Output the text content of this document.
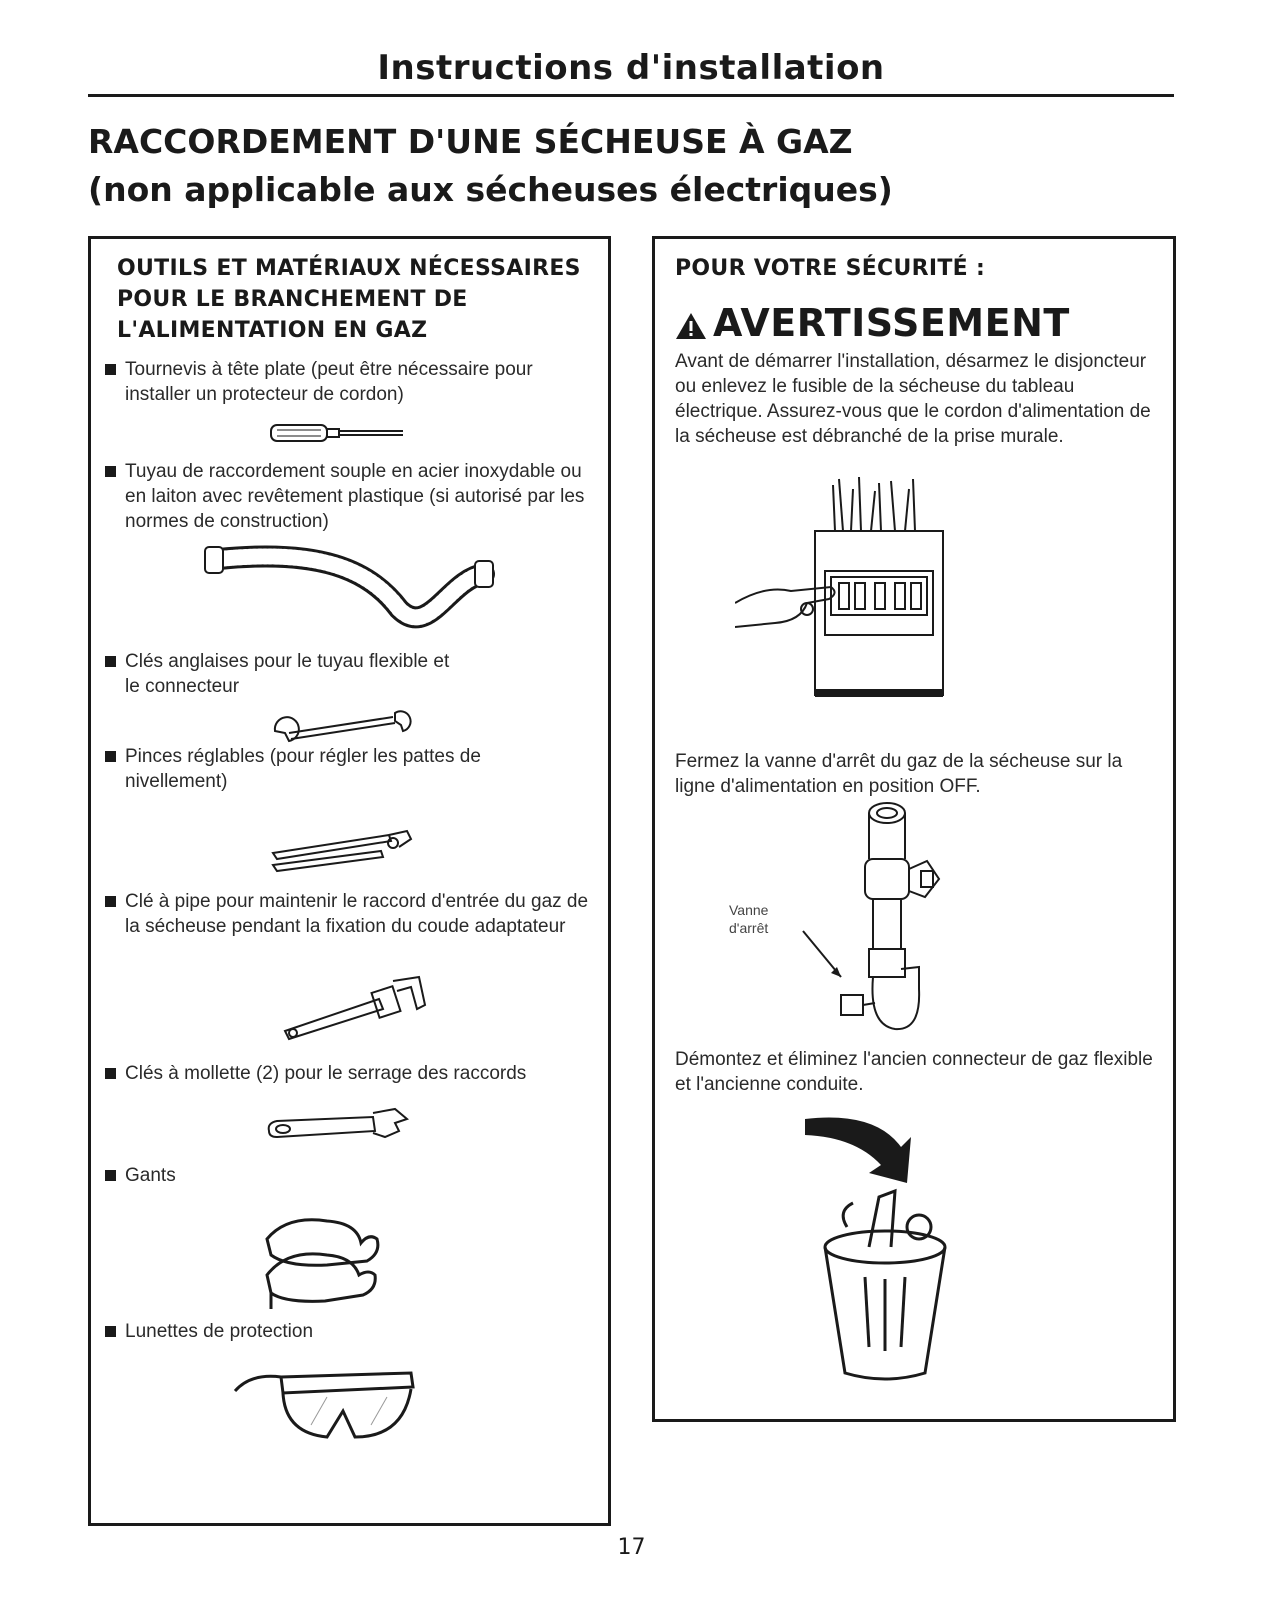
Instructions d'installation
RACCORDEMENT D'UNE SÉCHEUSE À GAZ
(non applicable aux sécheuses électriques)
OUTILS ET MATÉRIAUX NÉCESSAIRES
POUR LE BRANCHEMENT DE
L'ALIMENTATION EN GAZ
Tournevis à tête plate (peut être nécessaire pour installer un protecteur de cordon)
Tuyau de raccordement souple en acier inoxydable ou en laiton avec revêtement plastique (si autorisé par les normes de construction)
Clés anglaises pour le tuyau flexible et le connecteur
Pinces réglables (pour régler les pattes de nivellement)
Clé à pipe pour maintenir le raccord d'entrée du gaz de la sécheuse pendant la fixation du coude adaptateur
Clés à mollette (2) pour le serrage des raccords
Gants
Lunettes de protection
POUR VOTRE SÉCURITÉ :
AVERTISSEMENT
Avant de démarrer l'installation, désarmez le disjoncteur ou enlevez le fusible de la sécheuse du tableau électrique. Assurez-vous que le cordon d'alimentation de la sécheuse est débranché de la prise murale.
Fermez la vanne d'arrêt du gaz de la sécheuse sur la ligne d'alimentation en position OFF.
Vanne
d'arrêt
Démontez et éliminez l'ancien connecteur de gaz flexible et l'ancienne conduite.
17
